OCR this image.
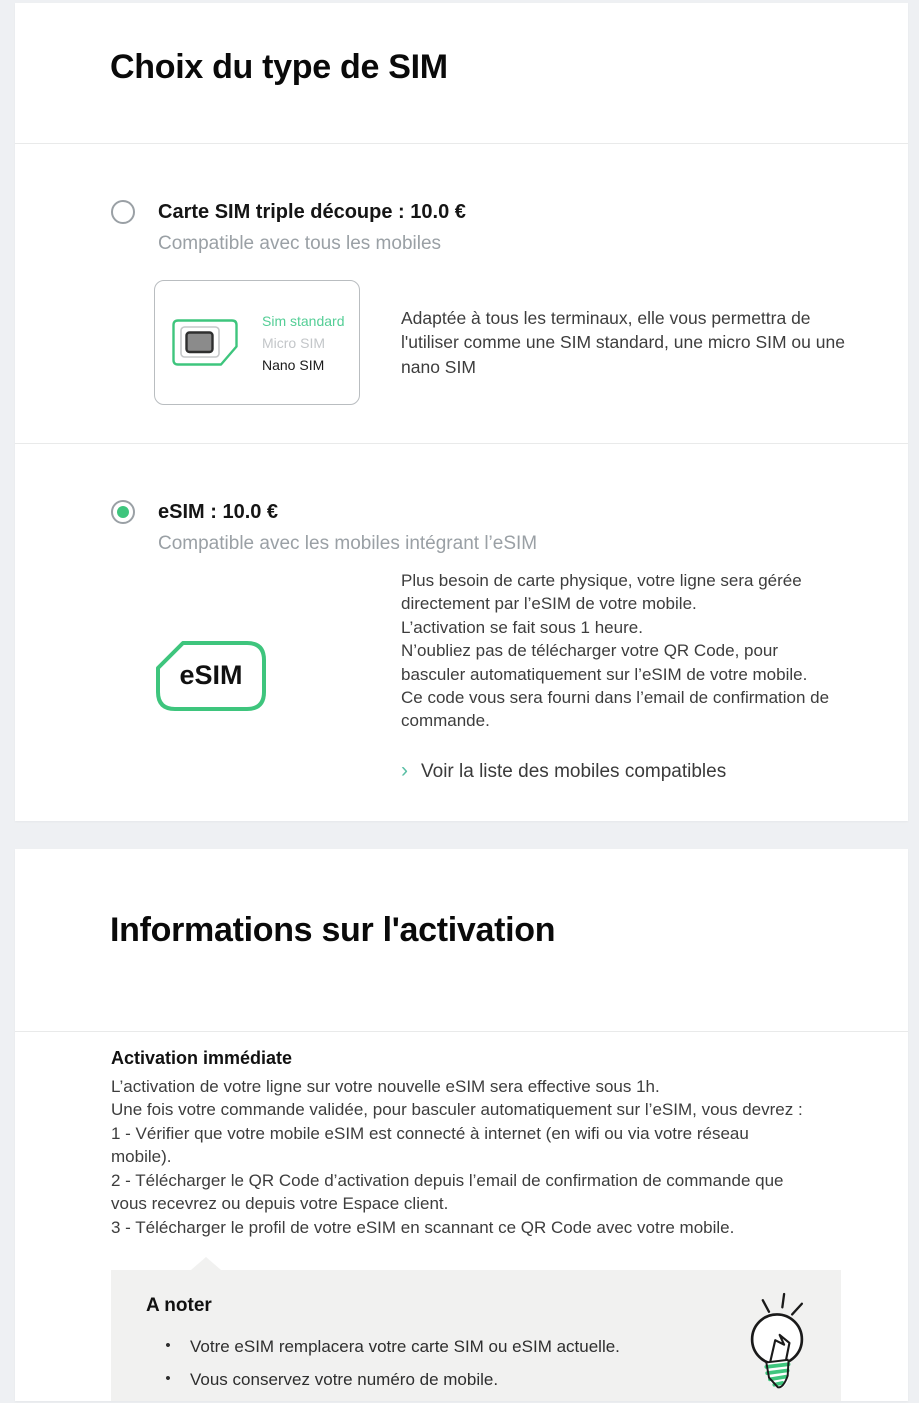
Choix du type de SIM
Carte SIM triple découpe : 10.0 €
Compatible avec tous les mobiles
Sim standard
Micro SIM
Nano SIM
Adaptée à tous les terminaux, elle vous permettra de l'utiliser comme une SIM standard, une micro SIM ou une nano SIM
eSIM : 10.0 €
Compatible avec les mobiles intégrant l’eSIM
eSIM
Plus besoin de carte physique, votre ligne sera gérée directement par l’eSIM de votre mobile.
L’activation se fait sous 1 heure.
N’oubliez pas de télécharger votre QR Code, pour basculer automatiquement sur l’eSIM de votre mobile.
Ce code vous sera fourni dans l’email de confirmation de commande.
› Voir la liste des mobiles compatibles
Informations sur l'activation
Activation immédiate
L’activation de votre ligne sur votre nouvelle eSIM sera effective sous 1h.
Une fois votre commande validée, pour basculer automatiquement sur l’eSIM, vous devrez :
1 - Vérifier que votre mobile eSIM est connecté à internet (en wifi ou via votre réseau mobile).
2 - Télécharger le QR Code d’activation depuis l’email de confirmation de commande que vous recevrez ou depuis votre Espace client.
3 - Télécharger le profil de votre eSIM en scannant ce QR Code avec votre mobile.
A noter
•	Votre eSIM remplacera votre carte SIM ou eSIM actuelle.
•	Vous conservez votre numéro de mobile.
